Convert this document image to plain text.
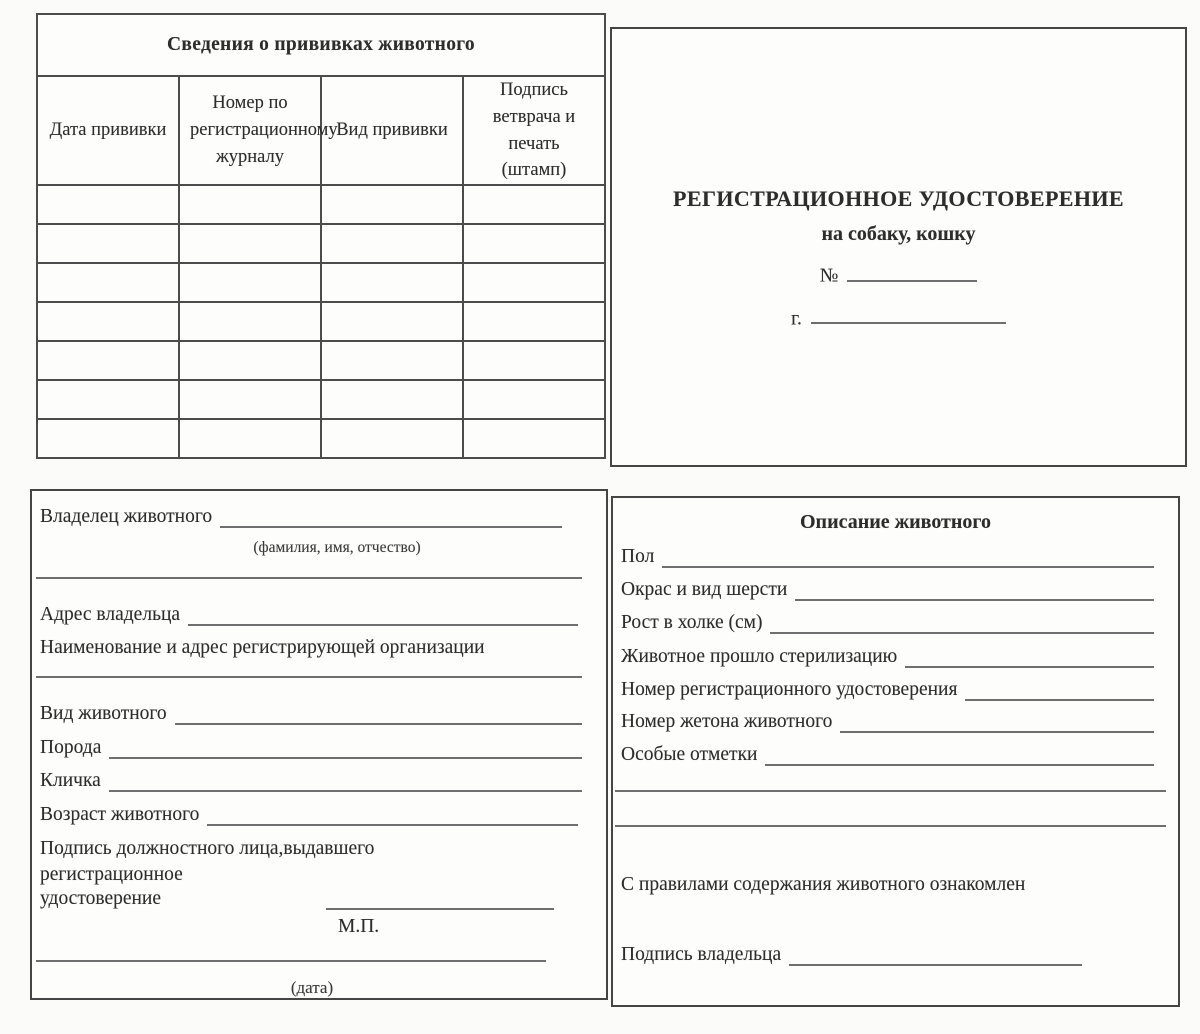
Сведения о прививках животного			
Дата прививки	Номер по регистрационному журналу	Вид прививки	Подпись ветврача и печать (штамп)

РЕГИСТРАЦИОННОЕ УДОСТОВЕРЕНИЕ
на собаку, кошку
№
г.
Владелец животного
(фамилия, имя, отчество)
Адрес владельца
Наименование и адрес регистрирующей организации
Вид животного
Порода
Кличка
Возраст животного
Подпись должностного лица,выдавшего
регистрационное
удостоверение
М.П.
(дата)
Описание животного
Пол
Окрас и вид шерсти
Рост в холке (см)
Животное прошло стерилизацию
Номер регистрационного удостоверения
Номер жетона животного
Особые отметки
С правилами содержания животного ознакомлен
Подпись владельца
